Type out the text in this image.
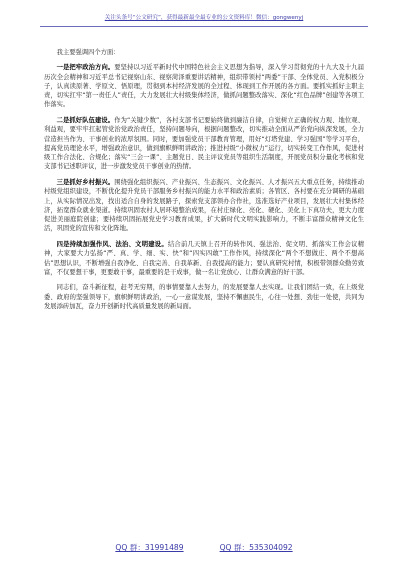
关注头条号“公文研究”，获得最新最全最专业的公文资料库！微信：gongwenyj

我主要强调四个方面：

一是把牢政治方向。要坚持以习近平新时代中国特色社会主义思想为指导，深入学习贯彻党的十九大及十九届历次全会精神和习近平总书记视察山东、视察菏泽重要讲话精神，组织带领村“两委”干部、全体党员、入党积极分子，认真读原著、学原文、悟原理，贯彻到本村经济发展的全过程、体现到工作开展的各方面。要抓实抓好主职主责，切实扛牢“第一责任人”责任，大力发展壮大村级集体经济，做抓问题整改落实、深化“红色品牌”创建等各项工作落实。

二是抓好队伍建设。作为“关键少数”，各村支部书记要始终做到廉洁自律，自觉树立正确的权力观、地位观、利益观，要牢牢扛起管党治党政治责任，坚持问题导向，根据问题整改，切实推动全面从严治党向纵深发展，全力营造担当作为、干事创业的浓厚氛围。同时，要加强党员干部教育管理，用好“灯塔党建、学习强国”等学习平台，提高党员理论水平，增强政治意识，做到旗帜鲜明讲政治；推进村级“小微权力”运行，切实转变工作作风，促进村级工作合法化、合规化；落实“三会一课”、主题党日、民主评议党员等组织生活制度，开展党员积分量化考核和党支部书记述职评议，进一步激发党员干事创业的热情。

三是抓好乡村振兴。围绕强化组织振兴、产业振兴、生态振兴、文化振兴、人才振兴五大重点任务，持续推动村级党组织建设，不断优化提升党员干部服务乡村振兴的能力水平和政治素质；各管区、各村要在充分调研的基础上，从实际情况出发，找出适合自身的发展路子，探索党支部领办合作社，选准选好产业项目，发展壮大村集体经济，拓宽群众就业渠道。持续巩固农村人居环境整治成果，在村庄绿化、亮化、硬化、美化上下真功夫，更大力度促进美丽庭院创建；要持续巩固拓展党史学习教育成果，扩大新时代文明实践影响力，不断丰富群众精神文化生活，巩固党的宣传和文化阵地。

四是持续加强作风、法治、文明建设。结合前几天镇上召开的转作风、强法治、促文明、抓落实工作会议精神，大家要大力弘扬“严、真、学、细、实、快”和“四实四敢”工作作风，持续深化“两个不想做庄、两个不想高估”思想认识，不断增强自我净化、自我完善、自我革新、自我提高的能力；要认真研究村情，积极带领群众勤劳致富，不仅要想干事，更要敢干事，最重要的是干成事，做一名让党放心、让群众满意的好干部。

同志们，奋斗新征程，赶考无穷期，的事情要靠人去努力，的发展要靠人去实现。让我们团结一致，在上级党委、政府的坚强领导下，旗帜鲜明讲政治，一心一意谋发展，坚持不懈惠民生，心往一处想、劲往一处使，共同为发展添砖加瓦，奋力开创新时代高质量发展的新局面。

QQ 群：31991489	QQ 群：535304092
